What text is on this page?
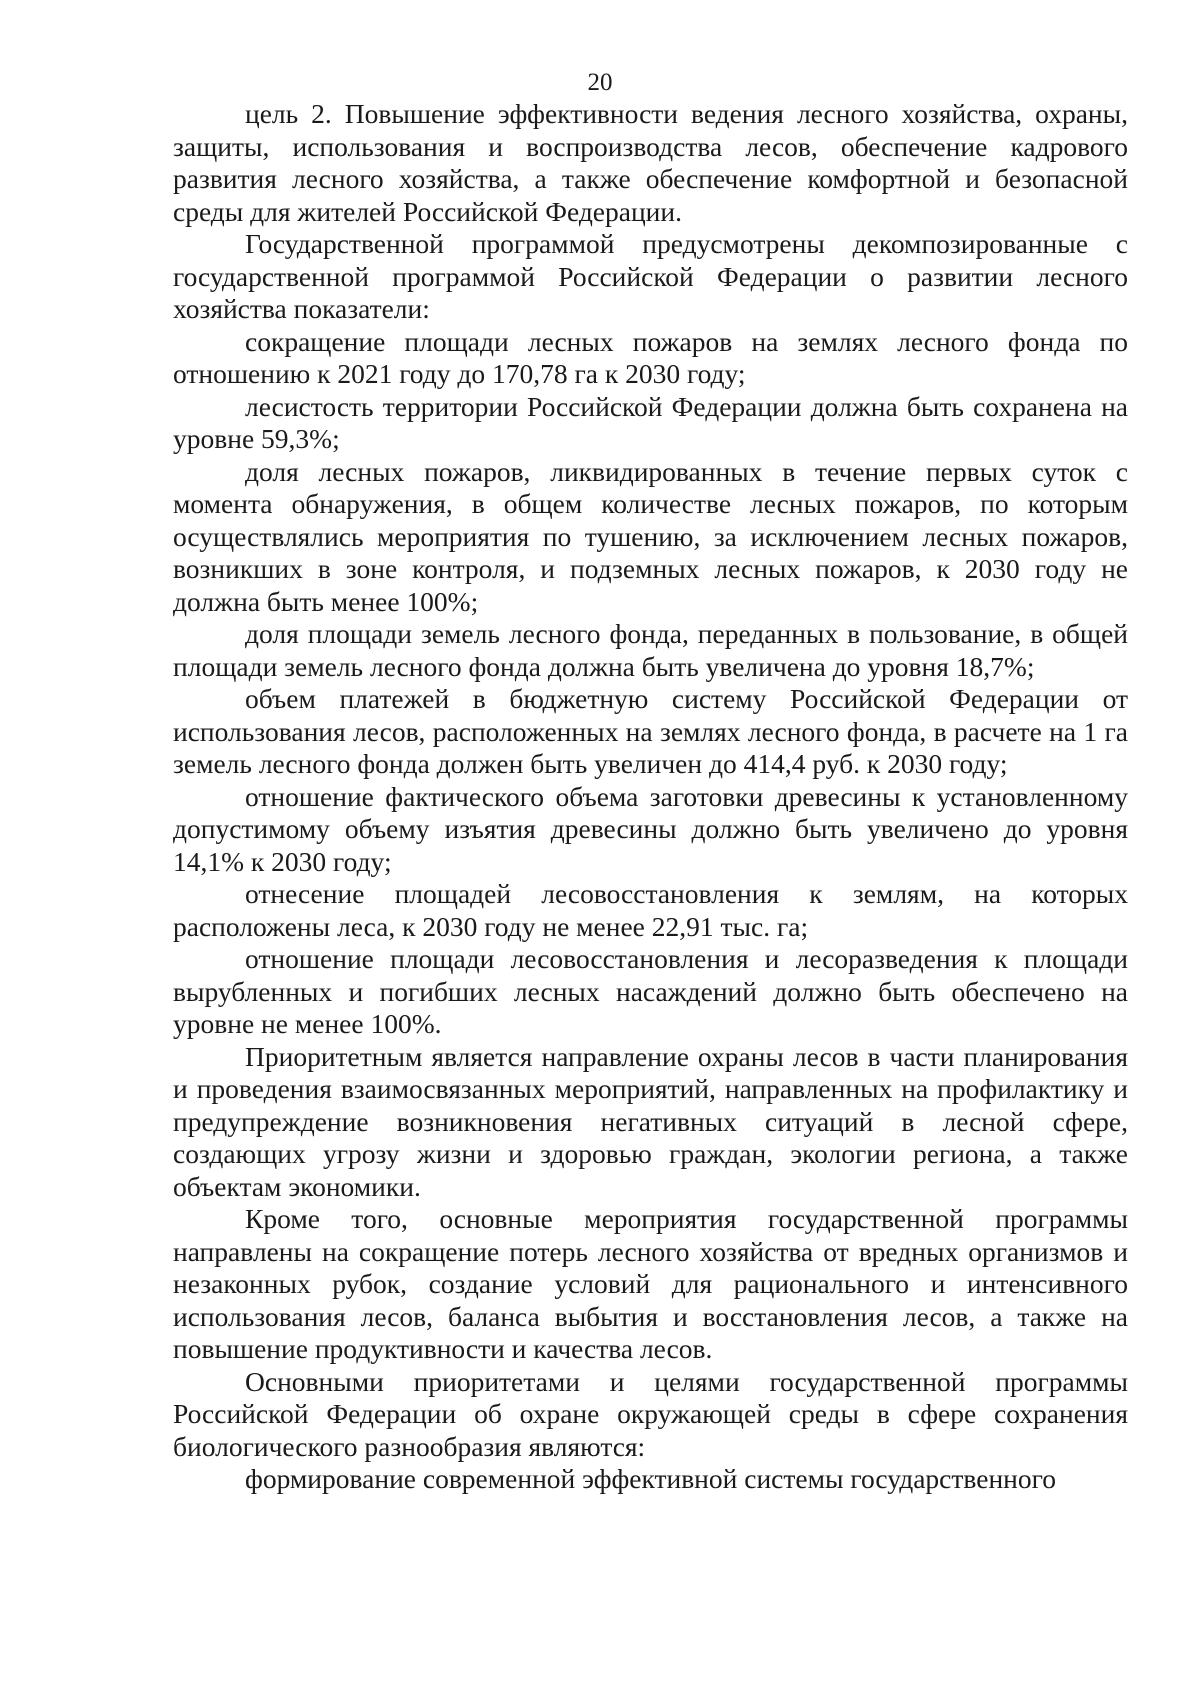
20

цель 2. Повышение эффективности ведения лесного хозяйства, охраны, защиты, использования и воспроизводства лесов, обеспечение кадрового развития лесного хозяйства, а также обеспечение комфортной и безопасной среды для жителей Российской Федерации.

Государственной программой предусмотрены декомпозированные с государственной программой Российской Федерации о развитии лесного хозяйства показатели:

сокращение площади лесных пожаров на землях лесного фонда по отношению к 2021 году до 170,78 га к 2030 году;

лесистость территории Российской Федерации должна быть сохранена на уровне 59,3%;

доля лесных пожаров, ликвидированных в течение первых суток с момента обнаружения, в общем количестве лесных пожаров, по которым осуществлялись мероприятия по тушению, за исключением лесных пожаров, возникших в зоне контроля, и подземных лесных пожаров, к 2030 году не должна быть менее 100%;

доля площади земель лесного фонда, переданных в пользование, в общей площади земель лесного фонда должна быть увеличена до уровня 18,7%;

объем платежей в бюджетную систему Российской Федерации от использования лесов, расположенных на землях лесного фонда, в расчете на 1 га земель лесного фонда должен быть увеличен до 414,4 руб. к 2030 году;

отношение фактического объема заготовки древесины к установленному допустимому объему изъятия древесины должно быть увеличено до уровня 14,1% к 2030 году;

отнесение площадей лесовосстановления к землям, на которых расположены леса, к 2030 году не менее 22,91 тыс. га;

отношение площади лесовосстановления и лесоразведения к площади вырубленных и погибших лесных насаждений должно быть обеспечено на уровне не менее 100%.

Приоритетным является направление охраны лесов в части планирования и проведения взаимосвязанных мероприятий, направленных на профилактику и предупреждение возникновения негативных ситуаций в лесной сфере, создающих угрозу жизни и здоровью граждан, экологии региона, а также объектам экономики.

Кроме того, основные мероприятия государственной программы направлены на сокращение потерь лесного хозяйства от вредных организмов и незаконных рубок, создание условий для рационального и интенсивного использования лесов, баланса выбытия и восстановления лесов, а также на повышение продуктивности и качества лесов.

Основными приоритетами и целями государственной программы Российской Федерации об охране окружающей среды в сфере сохранения биологического разнообразия являются:

формирование современной эффективной системы государственного
